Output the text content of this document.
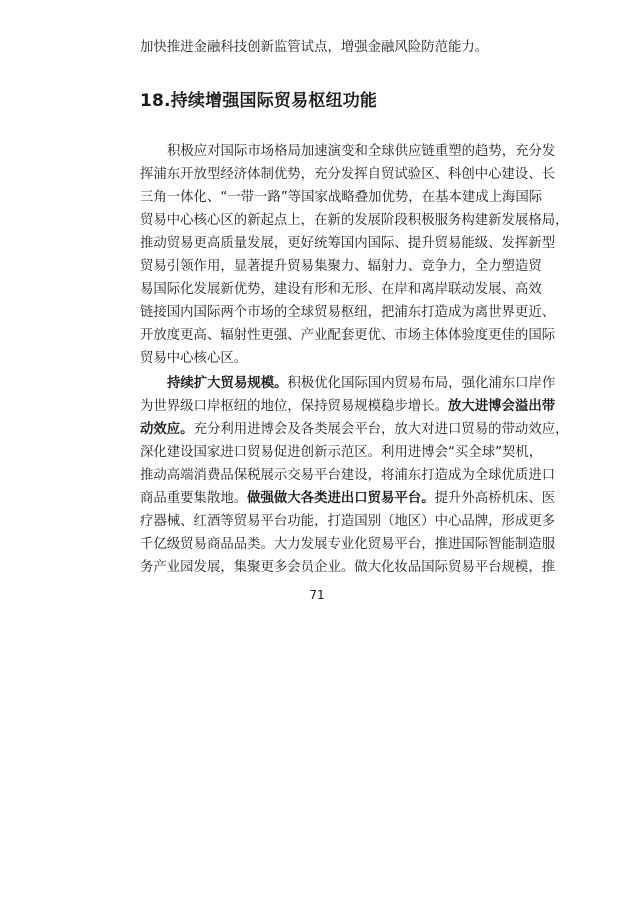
加快推进金融科技创新监管试点，增强金融风险防范能力。
18.持续增强国际贸易枢纽功能
积极应对国际市场格局加速演变和全球供应链重塑的趋势，充分发
挥浦东开放型经济体制优势，充分发挥自贸试验区、科创中心建设、长
三角一体化、“一带一路”等国家战略叠加优势，在基本建成上海国际
贸易中心核心区的新起点上，在新的发展阶段积极服务构建新发展格局，
推动贸易更高质量发展，更好统筹国内国际、提升贸易能级、发挥新型
贸易引领作用，显著提升贸易集聚力、辐射力、竞争力，全力塑造贸
易国际化发展新优势，建设有形和无形、在岸和离岸联动发展、高效
链接国内国际两个市场的全球贸易枢纽，把浦东打造成为离世界更近、
开放度更高、辐射性更强、产业配套更优、市场主体体验度更佳的国际
贸易中心核心区。
持续扩大贸易规模。积极优化国际国内贸易布局，强化浦东口岸作
为世界级口岸枢纽的地位，保持贸易规模稳步增长。放大进博会溢出带
动效应。充分利用进博会及各类展会平台，放大对进口贸易的带动效应，
深化建设国家进口贸易促进创新示范区。利用进博会“买全球”契机，
推动高端消费品保税展示交易平台建设，将浦东打造成为全球优质进口
商品重要集散地。做强做大各类进出口贸易平台。提升外高桥机床、医
疗器械、红酒等贸易平台功能，打造国别（地区）中心品牌，形成更多
千亿级贸易商品品类。大力发展专业化贸易平台，推进国际智能制造服
务产业园发展，集聚更多会员企业。做大化妆品国际贸易平台规模，推
71
